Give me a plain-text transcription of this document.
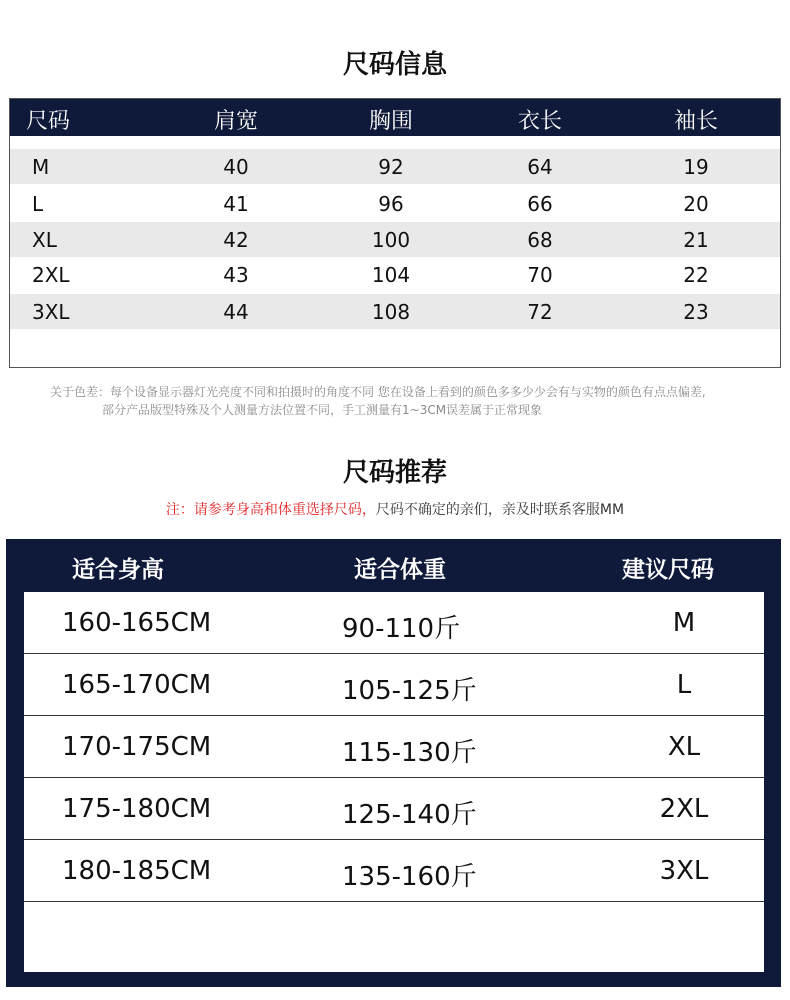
尺码信息
尺码	肩宽	胸围	衣长	袖长
M	40	92	64	19
L	41	96	66	20
XL	42	100	68	21
2XL	43	104	70	22
3XL	44	108	72	23
关于色差：每个设备显示器灯光亮度不同和拍摄时的角度不同 您在设备上看到的颜色多多少少会有与实物的颜色有点点偏差,
部分产品版型特殊及个人测量方法位置不同，手工测量有1~3CM误差属于正常现象
尺码推荐
注：请参考身高和体重选择尺码，尺码不确定的亲们，亲及时联系客服MM
适合身高	适合体重	建议尺码
160-165CM	90-110斤	M
165-170CM	105-125斤	L
170-175CM	115-130斤	XL
175-180CM	125-140斤	2XL
180-185CM	135-160斤	3XL
